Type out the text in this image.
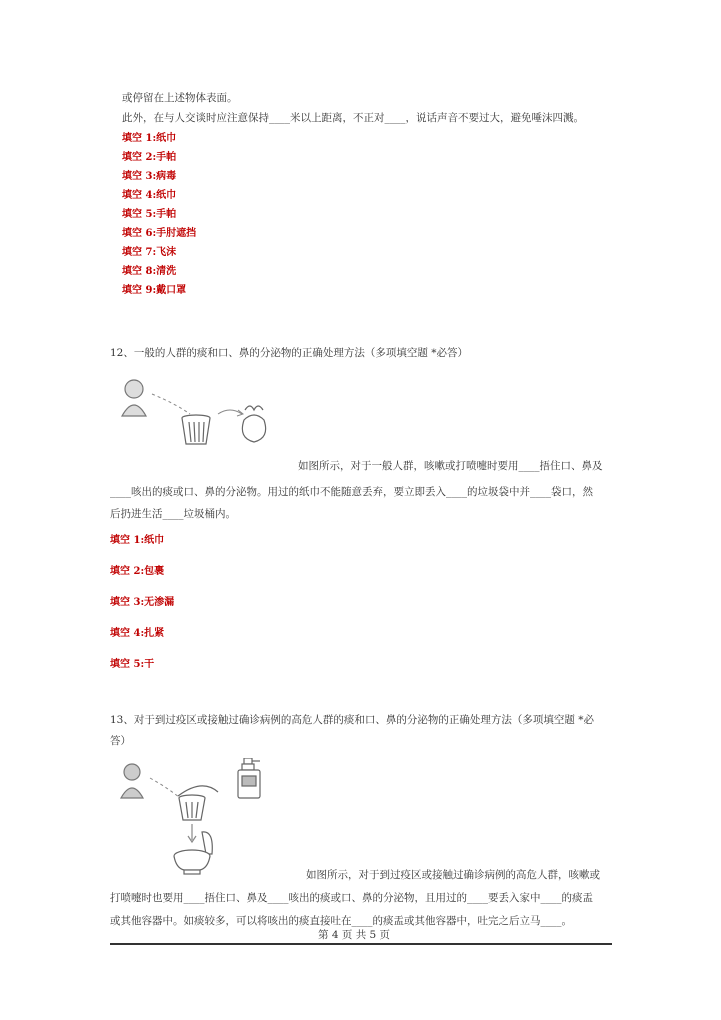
或停留在上述物体表面。
此外，在与人交谈时应注意保持____米以上距离，不正对____，说话声音不要过大，避免唾沫四溅。
填空 1:纸巾
填空 2:手帕
填空 3:病毒
填空 4:纸巾
填空 5:手帕
填空 6:手肘遮挡
填空 7:飞沫
填空 8:清洗
填空 9:戴口罩
12、一般的人群的痰和口、鼻的分泌物的正确处理方法（多项填空题 *必答）
如图所示，对于一般人群，咳嗽或打喷嚏时要用____捂住口、鼻及
____咳出的痰或口、鼻的分泌物。用过的纸巾不能随意丢弃，要立即丢入____的垃圾袋中并____袋口，然
后扔进生活____垃圾桶内。
填空 1:纸巾
填空 2:包裹
填空 3:无渗漏
填空 4:扎紧
填空 5:干
13、对于到过疫区或接触过确诊病例的高危人群的痰和口、鼻的分泌物的正确处理方法（多项填空题 *必
答）
如图所示，对于到过疫区或接触过确诊病例的高危人群，咳嗽或
打喷嚏时也要用____捂住口、鼻及____咳出的痰或口、鼻的分泌物，且用过的____要丢入家中____的痰盂
或其他容器中。如痰较多，可以将咳出的痰直接吐在____的痰盂或其他容器中，吐完之后立马____。
第 4 页 共 5 页
